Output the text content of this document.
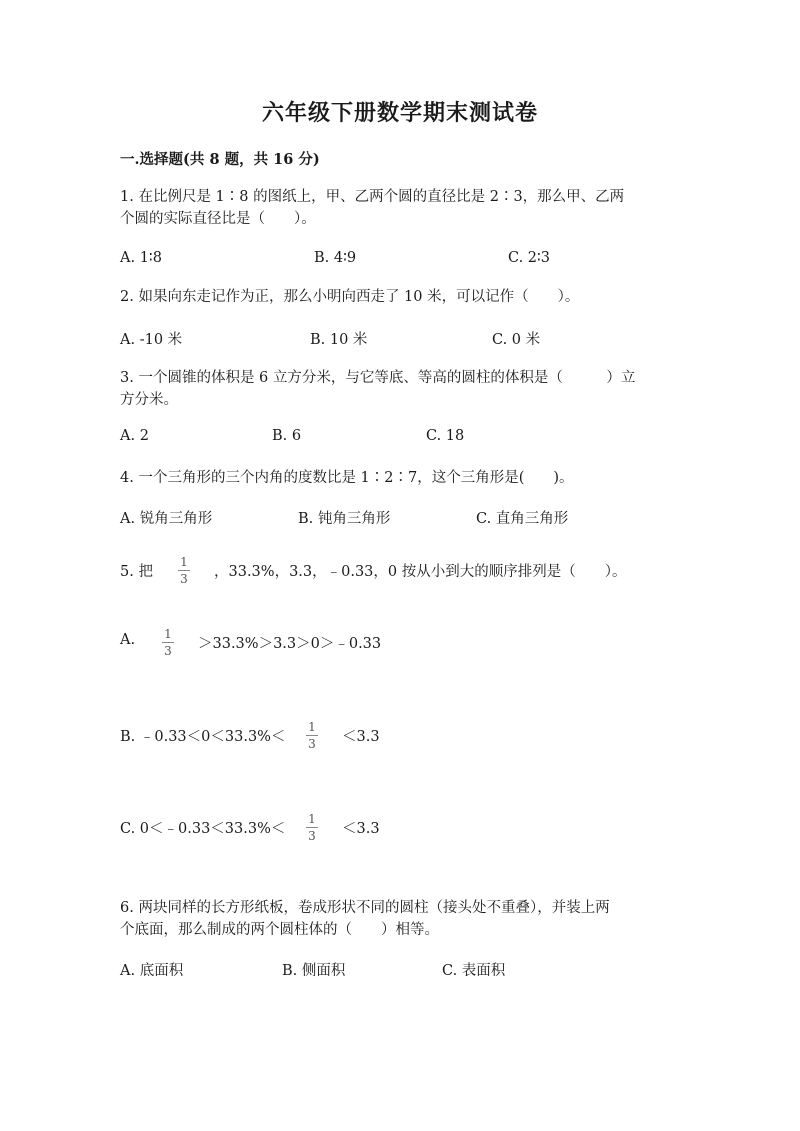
六年级下册数学期末测试卷
一.选择题(共 8 题，共 16 分)
1. 在比例尺是 1∶8 的图纸上，甲、乙两个圆的直径比是 2∶3，那么甲、乙两
个圆的实际直径比是（　　）。
A. 1∶8	B. 4∶9	C. 2∶3
2. 如果向东走记作为正，那么小明向西走了 10 米，可以记作（　　）。
A. -10 米	B. 10 米	C. 0 米
3. 一个圆锥的体积是 6 立方分米，与它等底、等高的圆柱的体积是（　　　）立
方分米。
A. 2	B. 6	C. 18
4. 一个三角形的三个内角的度数比是 1∶2∶7，这个三角形是(　　)。
A. 锐角三角形	B. 钝角三角形	C. 直角三角形
5. 把
1
3 ，33.3%，3.3，﹣0.33，0 按从小到大的顺序排列是（　　）。
A. 1
3 ＞33.3%＞3.3＞0＞﹣0.33
B. ﹣0.33＜0＜33.3%＜
1
3 ＜3.3
C. 0＜﹣0.33＜33.3%＜
1
3 ＜3.3
6. 两块同样的长方形纸板，卷成形状不同的圆柱（接头处不重叠），并装上两
个底面，那么制成的两个圆柱体的（　　）相等。
A. 底面积	B. 侧面积	C. 表面积
